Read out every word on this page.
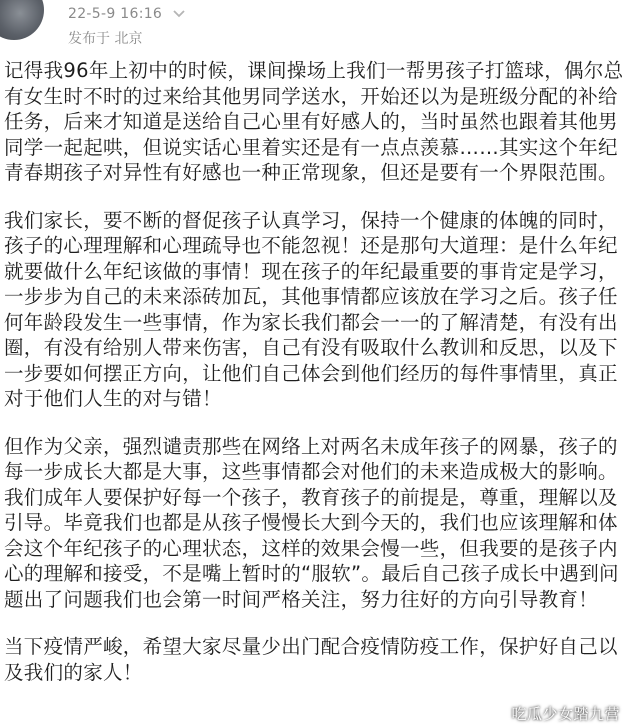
22-5-9 16:16
发布于 北京

记得我96年上初中的时候，课间操场上我们一帮男孩子打篮球，偶尔总有女生时不时的过来给其他男同学送水，开始还以为是班级分配的补给任务，后来才知道是送给自己心里有好感人的，当时虽然也跟着其他男同学一起起哄，但说实话心里着实还是有一点点羡慕……其实这个年纪青春期孩子对异性有好感也一种正常现象，但还是要有一个界限范围。

我们家长，要不断的督促孩子认真学习，保持一个健康的体魄的同时，孩子的心理理解和心理疏导也不能忽视！还是那句大道理：是什么年纪就要做什么年纪该做的事情！现在孩子的年纪最重要的事肯定是学习，一步步为自己的未来添砖加瓦，其他事情都应该放在学习之后。孩子任何年龄段发生一些事情，作为家长我们都会一一的了解清楚，有没有出圈，有没有给别人带来伤害，自己有没有吸取什么教训和反思，以及下一步要如何摆正方向，让他们自己体会到他们经历的每件事情里，真正对于他们人生的对与错！

但作为父亲，强烈谴责那些在网络上对两名未成年孩子的网暴，孩子的每一步成长大都是大事，这些事情都会对他们的未来造成极大的影响。我们成年人要保护好每一个孩子，教育孩子的前提是，尊重，理解以及引导。毕竟我们也都是从孩子慢慢长大到今天的，我们也应该理解和体会这个年纪孩子的心理状态，这样的效果会慢一些，但我要的是孩子内心的理解和接受，不是嘴上暂时的“服软”。最后自己孩子成长中遇到问题出了问题我们也会第一时间严格关注，努力往好的方向引导教育！

当下疫情严峻，希望大家尽量少出门配合疫情防疫工作，保护好自己以及我们的家人！

吃瓜少女踏九营
